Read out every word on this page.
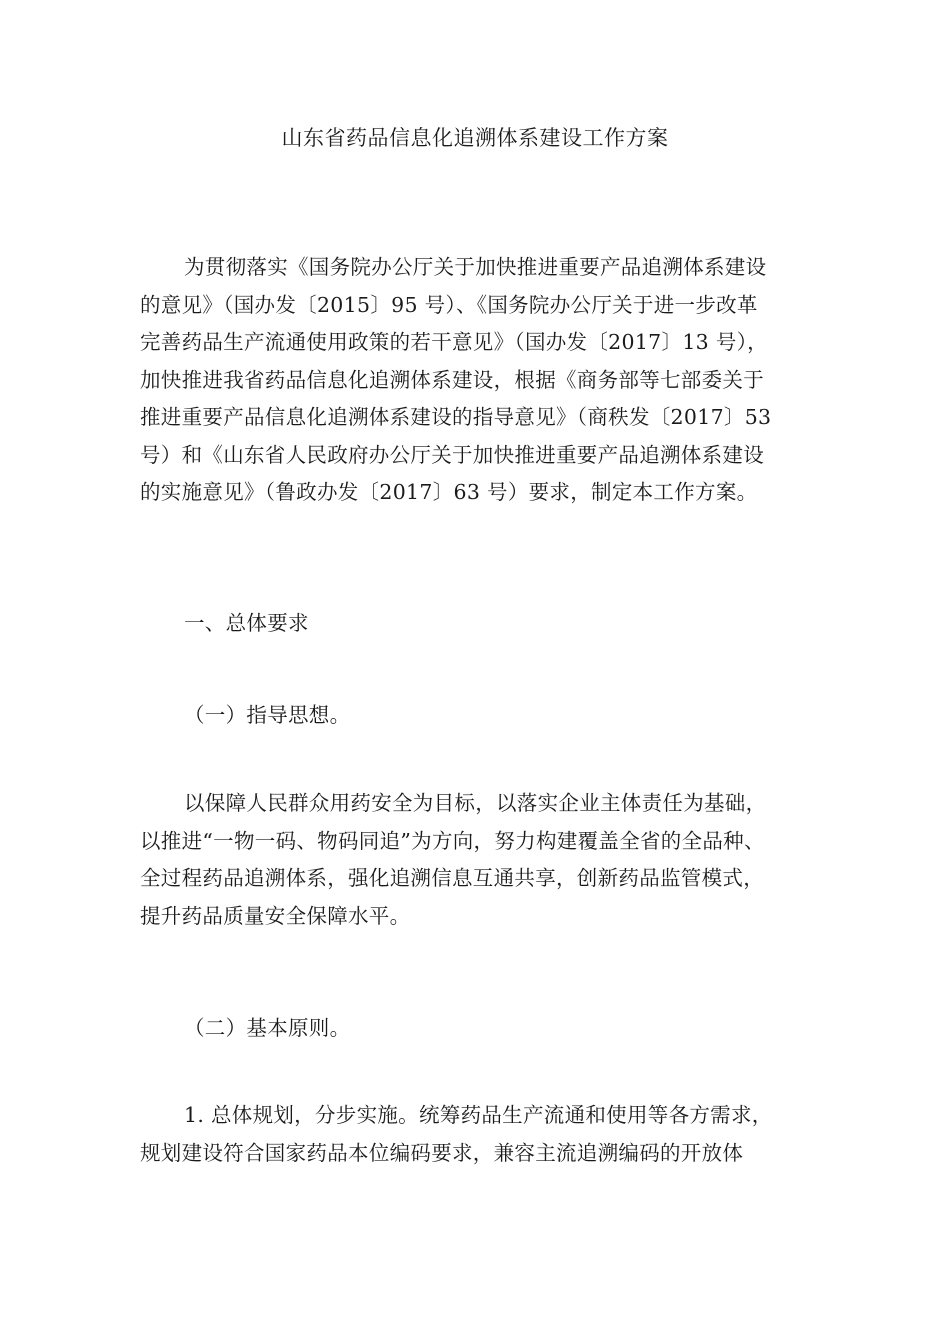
山东省药品信息化追溯体系建设工作方案
为贯彻落实《国务院办公厅关于加快推进重要产品追溯体系建设
的意见》（国办发〔2015〕95 号）、《国务院办公厅关于进一步改革
完善药品生产流通使用政策的若干意见》（国办发〔2017〕13 号），
加快推进我省药品信息化追溯体系建设，根据《商务部等七部委关于
推进重要产品信息化追溯体系建设的指导意见》（商秩发〔2017〕53
号）和《山东省人民政府办公厅关于加快推进重要产品追溯体系建设
的实施意见》（鲁政办发〔2017〕63 号）要求，制定本工作方案。
一、总体要求
（一）指导思想。
以保障人民群众用药安全为目标，以落实企业主体责任为基础，
以推进“一物一码、物码同追”为方向，努力构建覆盖全省的全品种、
全过程药品追溯体系，强化追溯信息互通共享，创新药品监管模式，
提升药品质量安全保障水平。
（二）基本原则。
1. 总体规划，分步实施。统筹药品生产流通和使用等各方需求，
规划建设符合国家药品本位编码要求，兼容主流追溯编码的开放体
